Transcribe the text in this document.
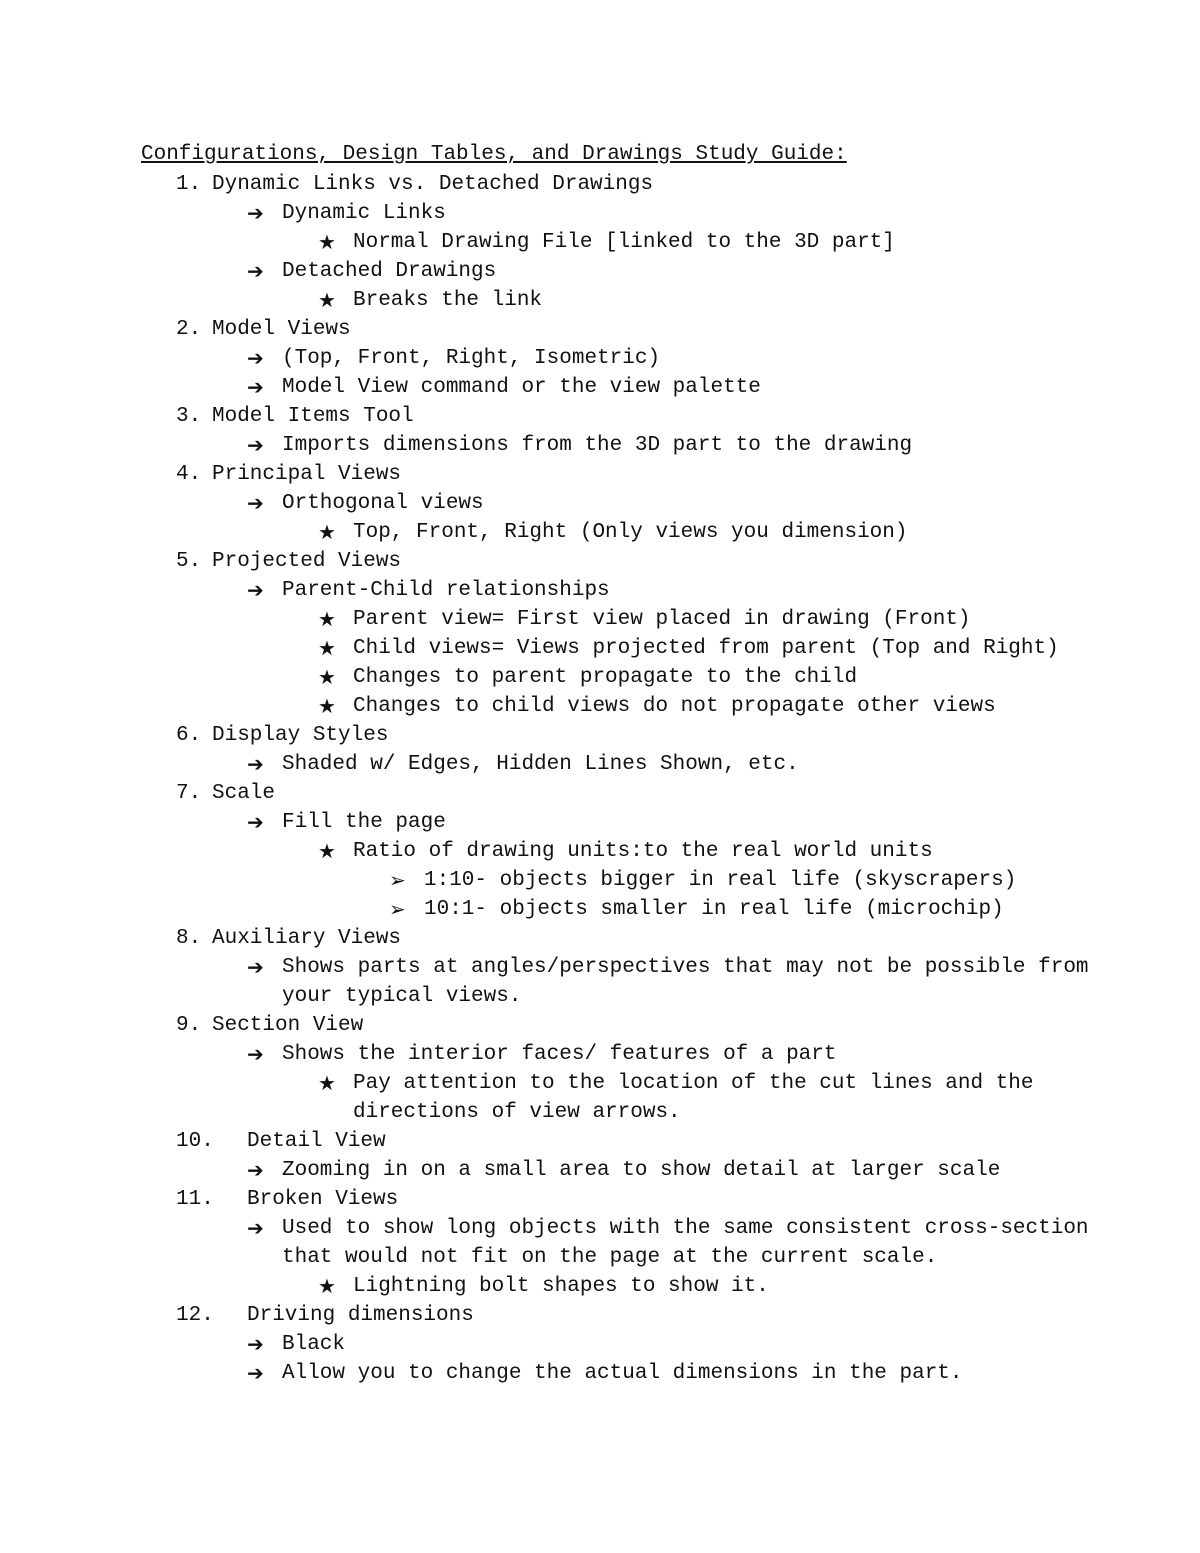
Configurations, Design Tables, and Drawings Study Guide:
1. Dynamic Links vs. Detached Drawings
➔ Dynamic Links
★ Normal Drawing File [linked to the 3D part]
➔ Detached Drawings
★ Breaks the link
2. Model Views
➔ (Top, Front, Right, Isometric)
➔ Model View command or the view palette
3. Model Items Tool
➔ Imports dimensions from the 3D part to the drawing
4. Principal Views
➔ Orthogonal views
★ Top, Front, Right (Only views you dimension)
5. Projected Views
➔ Parent-Child relationships
★ Parent view= First view placed in drawing (Front)
★ Child views= Views projected from parent (Top and Right)
★ Changes to parent propagate to the child
★ Changes to child views do not propagate other views
6. Display Styles
➔ Shaded w/ Edges, Hidden Lines Shown, etc.
7. Scale
➔ Fill the page
★ Ratio of drawing units:to the real world units
➢ 1:10- objects bigger in real life (skyscrapers)
➢ 10:1- objects smaller in real life (microchip)
8. Auxiliary Views
➔ Shows parts at angles/perspectives that may not be possible from
your typical views.
9. Section View
➔ Shows the interior faces/ features of a part
★ Pay attention to the location of the cut lines and the
directions of view arrows.
10. Detail View
➔ Zooming in on a small area to show detail at larger scale
11. Broken Views
➔ Used to show long objects with the same consistent cross-section
that would not fit on the page at the current scale.
★ Lightning bolt shapes to show it.
12. Driving dimensions
➔ Black
➔ Allow you to change the actual dimensions in the part.
